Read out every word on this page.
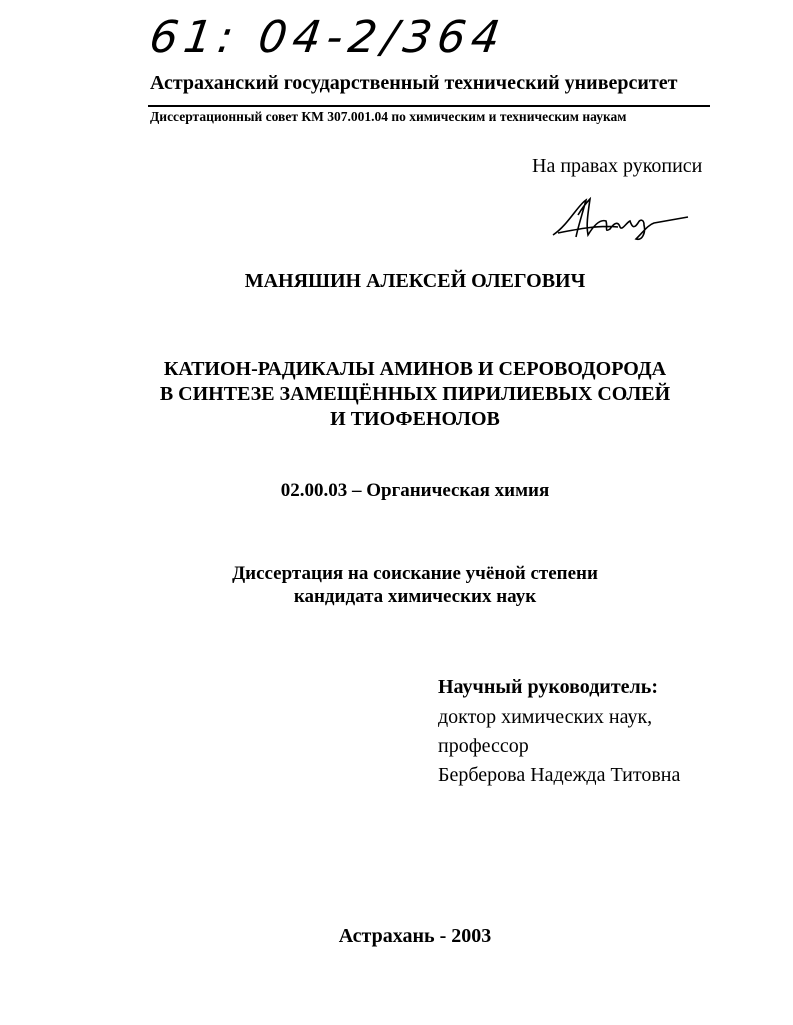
61: 04-2/364
Астраханский государственный технический университет
Диссертационный совет КМ 307.001.04 по химическим и техническим наукам
На правах рукописи
МАНЯШИН АЛЕКСЕЙ ОЛЕГОВИЧ
КАТИОН-РАДИКАЛЫ АМИНОВ И СЕРОВОДОРОДА
В СИНТЕЗЕ ЗАМЕЩЁННЫХ ПИРИЛИЕВЫХ СОЛЕЙ
И ТИОФЕНОЛОВ
02.00.03 – Органическая химия
Диссертация на соискание учёной степени
кандидата химических наук
Научный руководитель:
доктор химических наук,
профессор
Берберова Надежда Титовна
Астрахань - 2003
